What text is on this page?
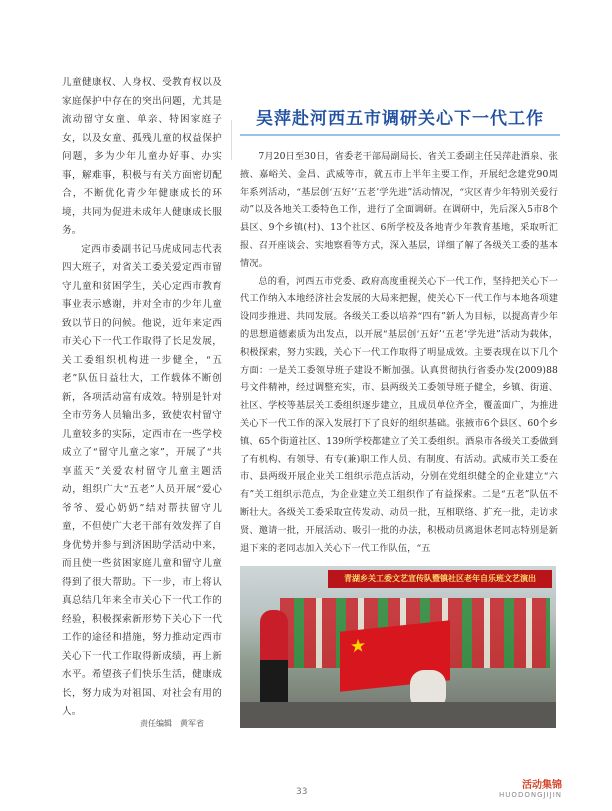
儿童健康权、人身权、受教育权以及家庭保护中存在的突出问题，尤其是流动留守女童、单亲、特困家庭子女，以及女童、孤残儿童的权益保护问题，多为少年儿童办好事、办实事，解难事，积极与有关方面密切配合，不断优化青少年健康成长的环境，共同为促进未成年人健康成长服务。

定西市委副书记马虎成同志代表四大班子，对省关工委关爱定西市留守儿童和贫困学生，关心定西市教育事业表示感谢，并对全市的少年儿童致以节日的问候。他说，近年来定西市关心下一代工作取得了长足发展，关工委组织机构进一步健全，“五老”队伍日益壮大，工作载体不断创新，各项活动富有成效。特别是针对全市劳务人员输出多，致使农村留守儿童较多的实际，定西市在一些学校成立了“留守儿童之家”，开展了“共享蓝天”关爱农村留守儿童主题活动，组织广大“五老”人员开展“爱心爷爷、爱心奶奶”结对帮扶留守儿童，不但使广大老干部有效发挥了自身优势并参与到济困助学活动中来，而且使一些贫困家庭儿童和留守儿童得到了很大帮助。下一步，市上将认真总结几年来全市关心下一代工作的经验，积极探索新形势下关心下一代工作的途径和措施，努力推动定西市关心下一代工作取得新成绩，再上新水平。希望孩子们快乐生活，健康成长，努力成为对祖国、对社会有用的人。

责任编辑　黄军省
吴萍赴河西五市调研关心下一代工作

7月20日至30日，省委老干部局副局长、省关工委副主任吴萍赴酒泉、张掖、嘉峪关、金昌、武威等市，就五市上半年主要工作，开展纪念建党90周年系列活动，“基层创‘五好’‘五老’学先进”活动情况，“灾区青少年特别关爱行动”以及各地关工委特色工作，进行了全面调研。在调研中，先后深入5市8个县区、9个乡镇(村)、13个社区、6所学校及各地青少年教育基地，采取听汇报、召开座谈会、实地察看等方式，深入基层，详细了解了各级关工委的基本情况。

总的看，河西五市党委、政府高度重视关心下一代工作，坚持把关心下一代工作纳入本地经济社会发展的大局来把握，使关心下一代工作与本地各项建设同步推进、共同发展。各级关工委以培养“四有”新人为目标，以提高青少年的思想道德素质为出发点，以开展“基层创‘五好’‘五老’学先进”活动为载体，积极探索，努力实践，关心下一代工作取得了明显成效。主要表现在以下几个方面：一是关工委领导班子建设不断加强。认真贯彻执行省委办发(2009)88号文件精神，经过调整充实，市、县两级关工委领导班子健全，乡镇、街道、社区、学校等基层关工委组织逐步建立，且成员单位齐全，覆盖面广，为推进关心下一代工作的深入发展打下了良好的组织基础。张掖市6个县区、60个乡镇、65个街道社区、139所学校都建立了关工委组织。酒泉市各级关工委做到了有机构、有领导、有专(兼)职工作人员、有制度、有活动。武威市关工委在市、县两级开展企业关工组织示范点活动，分别在党组织健全的企业建立“六有”关工组织示范点，为企业建立关工组织作了有益探索。二是“五老”队伍不断壮大。各级关工委采取宣传发动、动员一批，互相联络、扩充一批，走访求贤、邀请一批，开展活动、吸引一批的办法，积极动员离退休老同志特别是新退下来的老同志加入关心下一代工作队伍，“五

青湖乡关工委文艺宣传队暨镇社区老年自乐班文艺演出
★
33
活动集锦
HUODONGJIJIN
